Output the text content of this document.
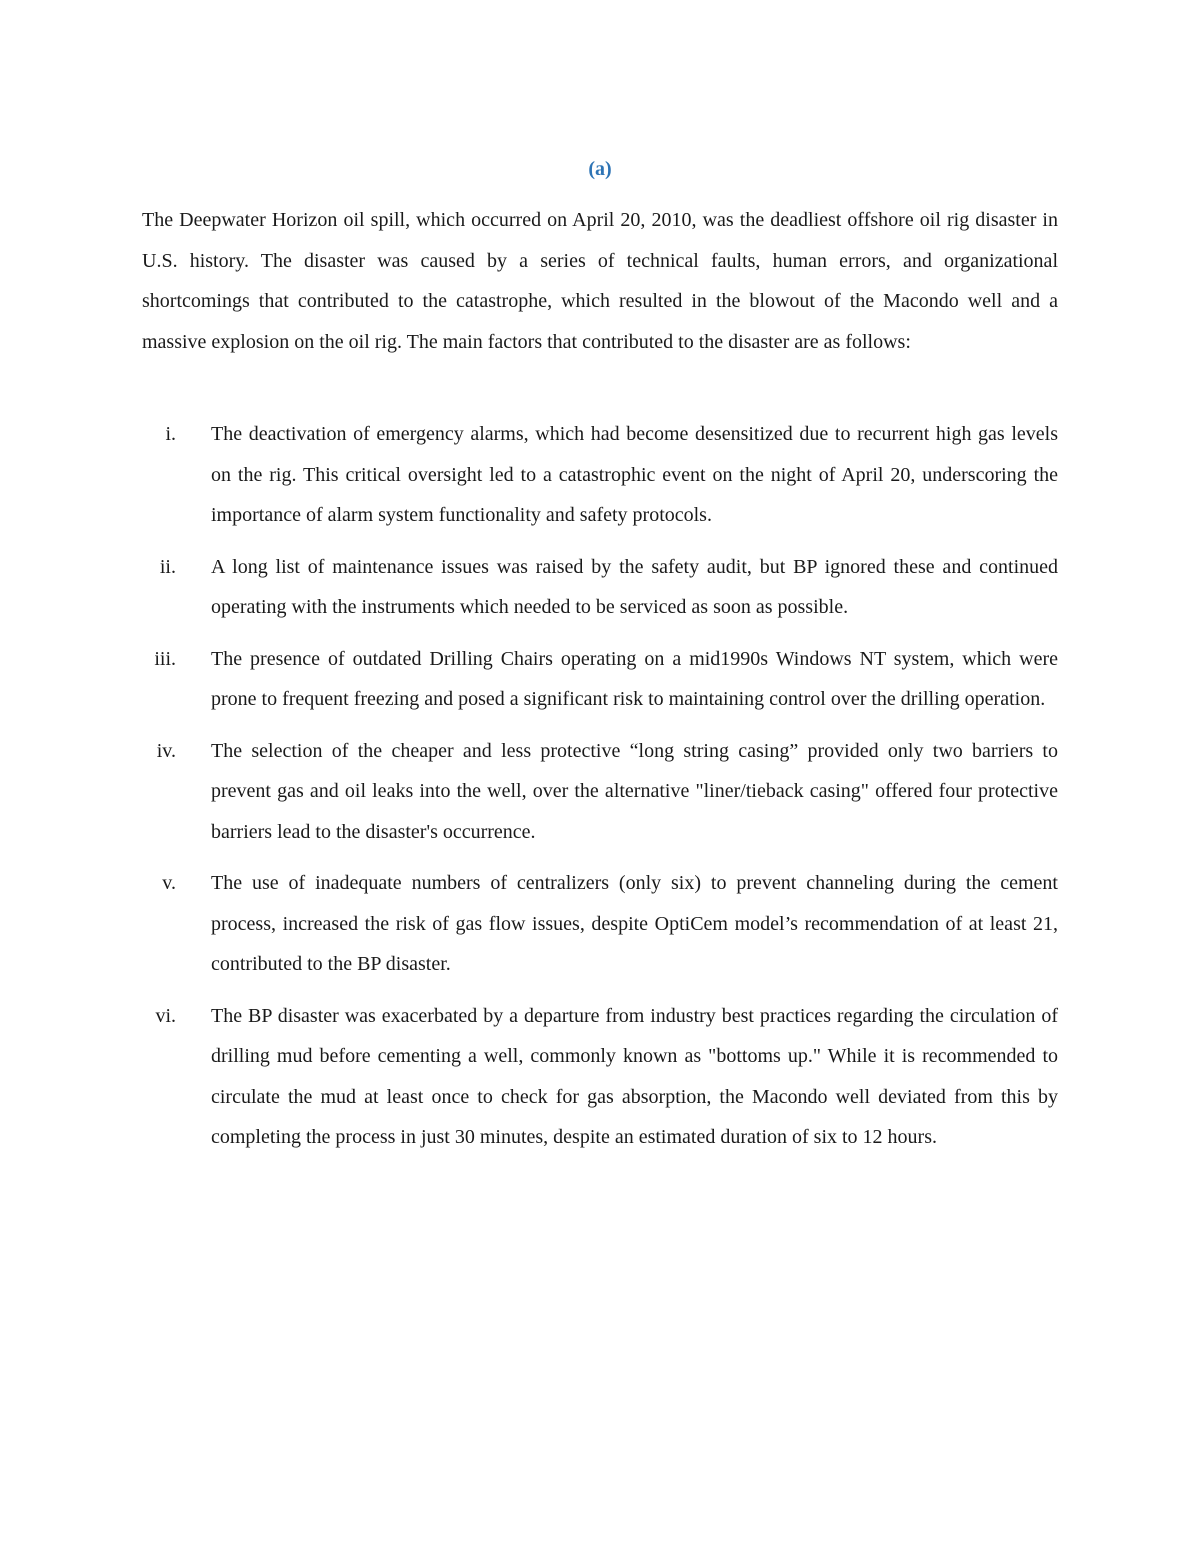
(a)

The Deepwater Horizon oil spill, which occurred on April 20, 2010, was the deadliest offshore oil rig disaster in U.S. history. The disaster was caused by a series of technical faults, human errors, and organizational shortcomings that contributed to the catastrophe, which resulted in the blowout of the Macondo well and a massive explosion on the oil rig. The main factors that contributed to the disaster are as follows:

i. The deactivation of emergency alarms, which had become desensitized due to recurrent high gas levels on the rig. This critical oversight led to a catastrophic event on the night of April 20, underscoring the importance of alarm system functionality and safety protocols.
ii. A long list of maintenance issues was raised by the safety audit, but BP ignored these and continued operating with the instruments which needed to be serviced as soon as possible.
iii. The presence of outdated Drilling Chairs operating on a mid1990s Windows NT system, which were prone to frequent freezing and posed a significant risk to maintaining control over the drilling operation.
iv. The selection of the cheaper and less protective “long string casing” provided only two barriers to prevent gas and oil leaks into the well, over the alternative "liner/tieback casing" offered four protective barriers lead to the disaster's occurrence.
v. The use of inadequate numbers of centralizers (only six) to prevent channeling during the cement process, increased the risk of gas flow issues, despite OptiCem model’s recommendation of at least 21, contributed to the BP disaster.
vi. The BP disaster was exacerbated by a departure from industry best practices regarding the circulation of drilling mud before cementing a well, commonly known as "bottoms up." While it is recommended to circulate the mud at least once to check for gas absorption, the Macondo well deviated from this by completing the process in just 30 minutes, despite an estimated duration of six to 12 hours.
